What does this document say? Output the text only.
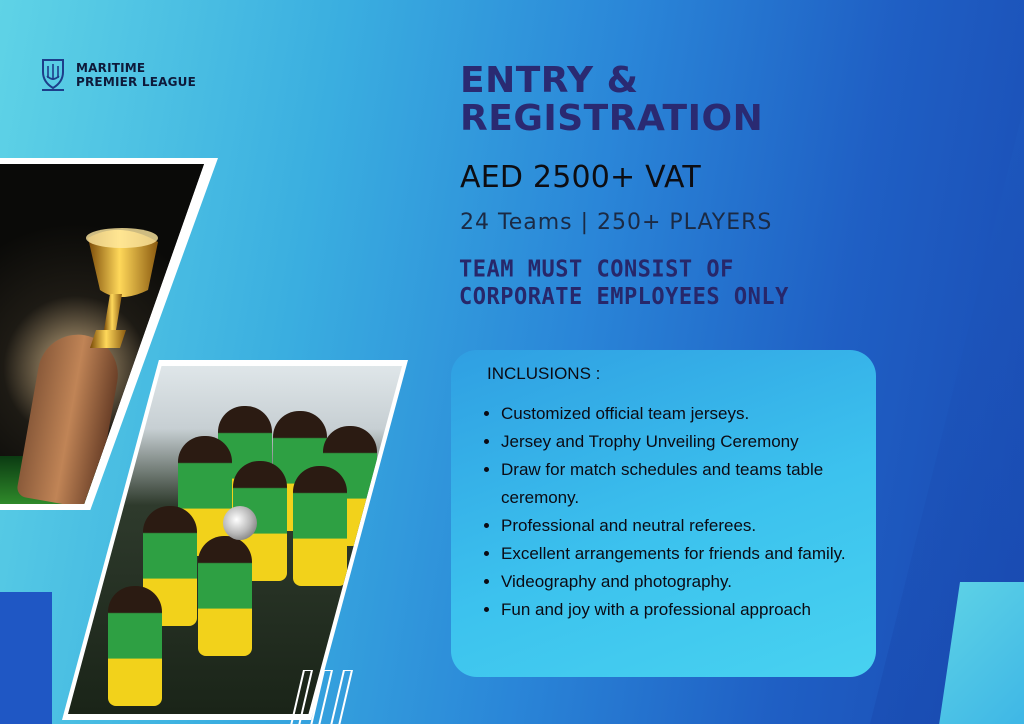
MARITIME
PREMIER LEAGUE	ENTRY &
REGISTRATION
AED 2500+ VAT
24 Teams | 250+ PLAYERS
TEAM MUST CONSIST OF
CORPORATE EMPLOYEES ONLY
INCLUSIONS :
• Customized official team jerseys.
• Jersey and Trophy Unveiling Ceremony
• Draw for match schedules and teams table ceremony.
• Professional and neutral referees.
• Excellent arrangements for friends and family.
• Videography and photography.
• Fun and joy with a professional approach
